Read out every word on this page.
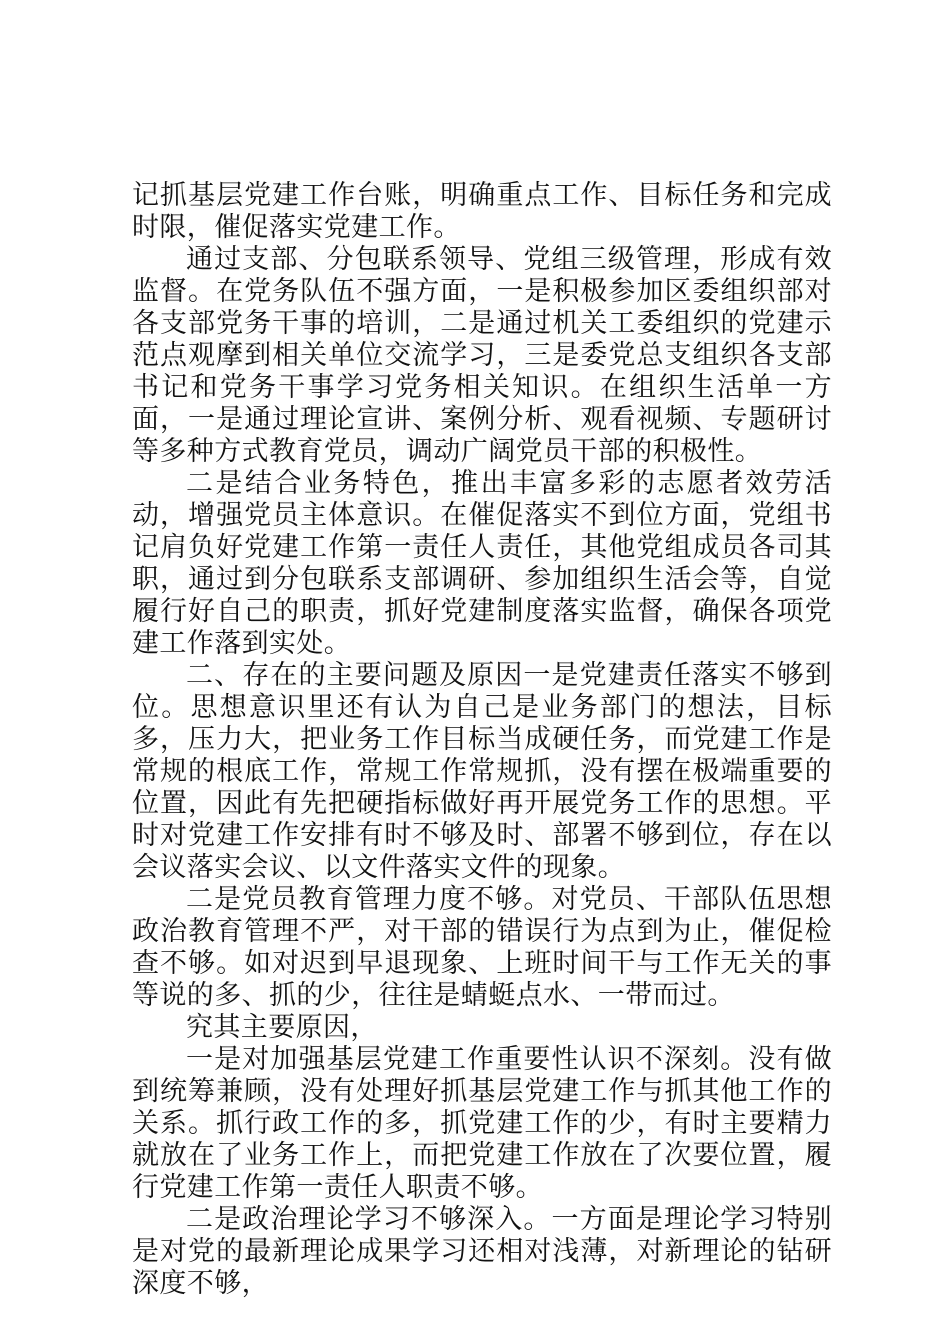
记抓基层党建工作台账，明确重点工作、目标任务和完成时限，催促落实党建工作。

通过支部、分包联系领导、党组三级管理，形成有效监督。在党务队伍不强方面，一是积极参加区委组织部对各支部党务干事的培训，二是通过机关工委组织的党建示范点观摩到相关单位交流学习，三是委党总支组织各支部书记和党务干事学习党务相关知识。在组织生活单一方面，一是通过理论宣讲、案例分析、观看视频、专题研讨等多种方式教育党员，调动广阔党员干部的积极性。

二是结合业务特色，推出丰富多彩的志愿者效劳活动，增强党员主体意识。在催促落实不到位方面，党组书记肩负好党建工作第一责任人责任，其他党组成员各司其职，通过到分包联系支部调研、参加组织生活会等，自觉履行好自己的职责，抓好党建制度落实监督，确保各项党建工作落到实处。

二、存在的主要问题及原因一是党建责任落实不够到位。思想意识里还有认为自己是业务部门的想法，目标多，压力大，把业务工作目标当成硬任务，而党建工作是常规的根底工作，常规工作常规抓，没有摆在极端重要的位置，因此有先把硬指标做好再开展党务工作的思想。平时对党建工作安排有时不够及时、部署不够到位，存在以会议落实会议、以文件落实文件的现象。

二是党员教育管理力度不够。对党员、干部队伍思想政治教育管理不严，对干部的错误行为点到为止，催促检查不够。如对迟到早退现象、上班时间干与工作无关的事等说的多、抓的少，往往是蜻蜓点水、一带而过。

究其主要原因，

一是对加强基层党建工作重要性认识不深刻。没有做到统筹兼顾，没有处理好抓基层党建工作与抓其他工作的关系。抓行政工作的多，抓党建工作的少，有时主要精力就放在了业务工作上，而把党建工作放在了次要位置，履行党建工作第一责任人职责不够。

二是政治理论学习不够深入。一方面是理论学习特别是对党的最新理论成果学习还相对浅薄，对新理论的钻研深度不够，
